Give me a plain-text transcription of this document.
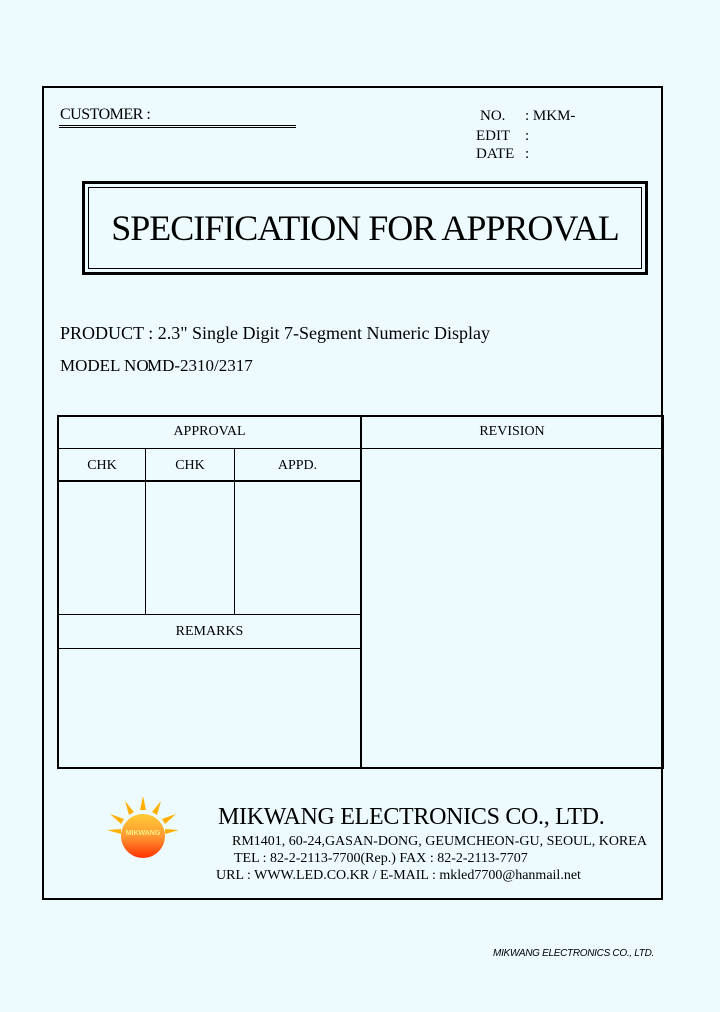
CUSTOMER :	NO. : MKM-
EDIT :
DATE :
SPECIFICATION FOR APPROVAL
PRODUCT : 2.3" Single Digit 7-Segment Numeric Display
MODEL NO.
MD-2310/2317
APPROVAL	REVISION
CHK	CHK	APPD.
REMARKS
MIKWANG
MIKWANG ELECTRONICS CO., LTD.
RM1401, 60-24,GASAN-DONG, GEUMCHEON-GU, SEOUL, KOREA
TEL : 82-2-2113-7700(Rep.) FAX : 82-2-2113-7707
URL : WWW.LED.CO.KR / E-MAIL : mkled7700@hanmail.net
MIKWANG ELECTRONICS CO., LTD.
